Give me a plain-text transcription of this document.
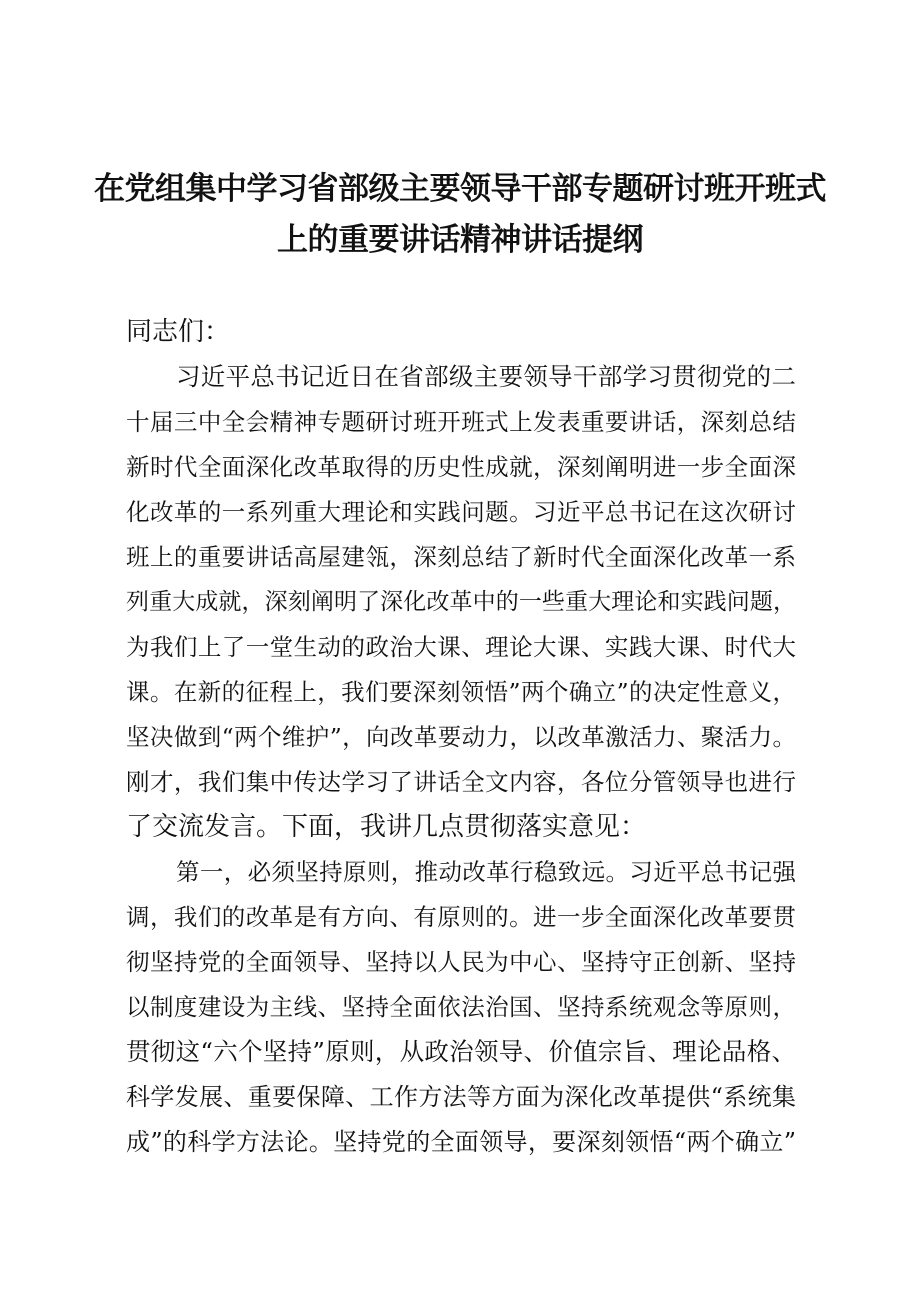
在党组集中学习省部级主要领导干部专题研讨班开班式
上的重要讲话精神讲话提纲
同志们：
习近平总书记近日在省部级主要领导干部学习贯彻党的二
十届三中全会精神专题研讨班开班式上发表重要讲话，深刻总结
新时代全面深化改革取得的历史性成就，深刻阐明进一步全面深
化改革的一系列重大理论和实践问题。习近平总书记在这次研讨
班上的重要讲话高屋建瓴，深刻总结了新时代全面深化改革一系
列重大成就，深刻阐明了深化改革中的一些重大理论和实践问题，
为我们上了一堂生动的政治大课、理论大课、实践大课、时代大
课。在新的征程上，我们要深刻领悟”两个确立”的决定性意义，
坚决做到“两个维护”，向改革要动力，以改革激活力、聚活力。
刚才，我们集中传达学习了讲话全文内容，各位分管领导也进行
了交流发言。下面，我讲几点贯彻落实意见：
第一，必须坚持原则，推动改革行稳致远。习近平总书记强
调，我们的改革是有方向、有原则的。进一步全面深化改革要贯
彻坚持党的全面领导、坚持以人民为中心、坚持守正创新、坚持
以制度建设为主线、坚持全面依法治国、坚持系统观念等原则，
贯彻这“六个坚持”原则，从政治领导、价值宗旨、理论品格、
科学发展、重要保障、工作方法等方面为深化改革提供“系统集
成”的科学方法论。坚持党的全面领导，要深刻领悟“两个确立”
